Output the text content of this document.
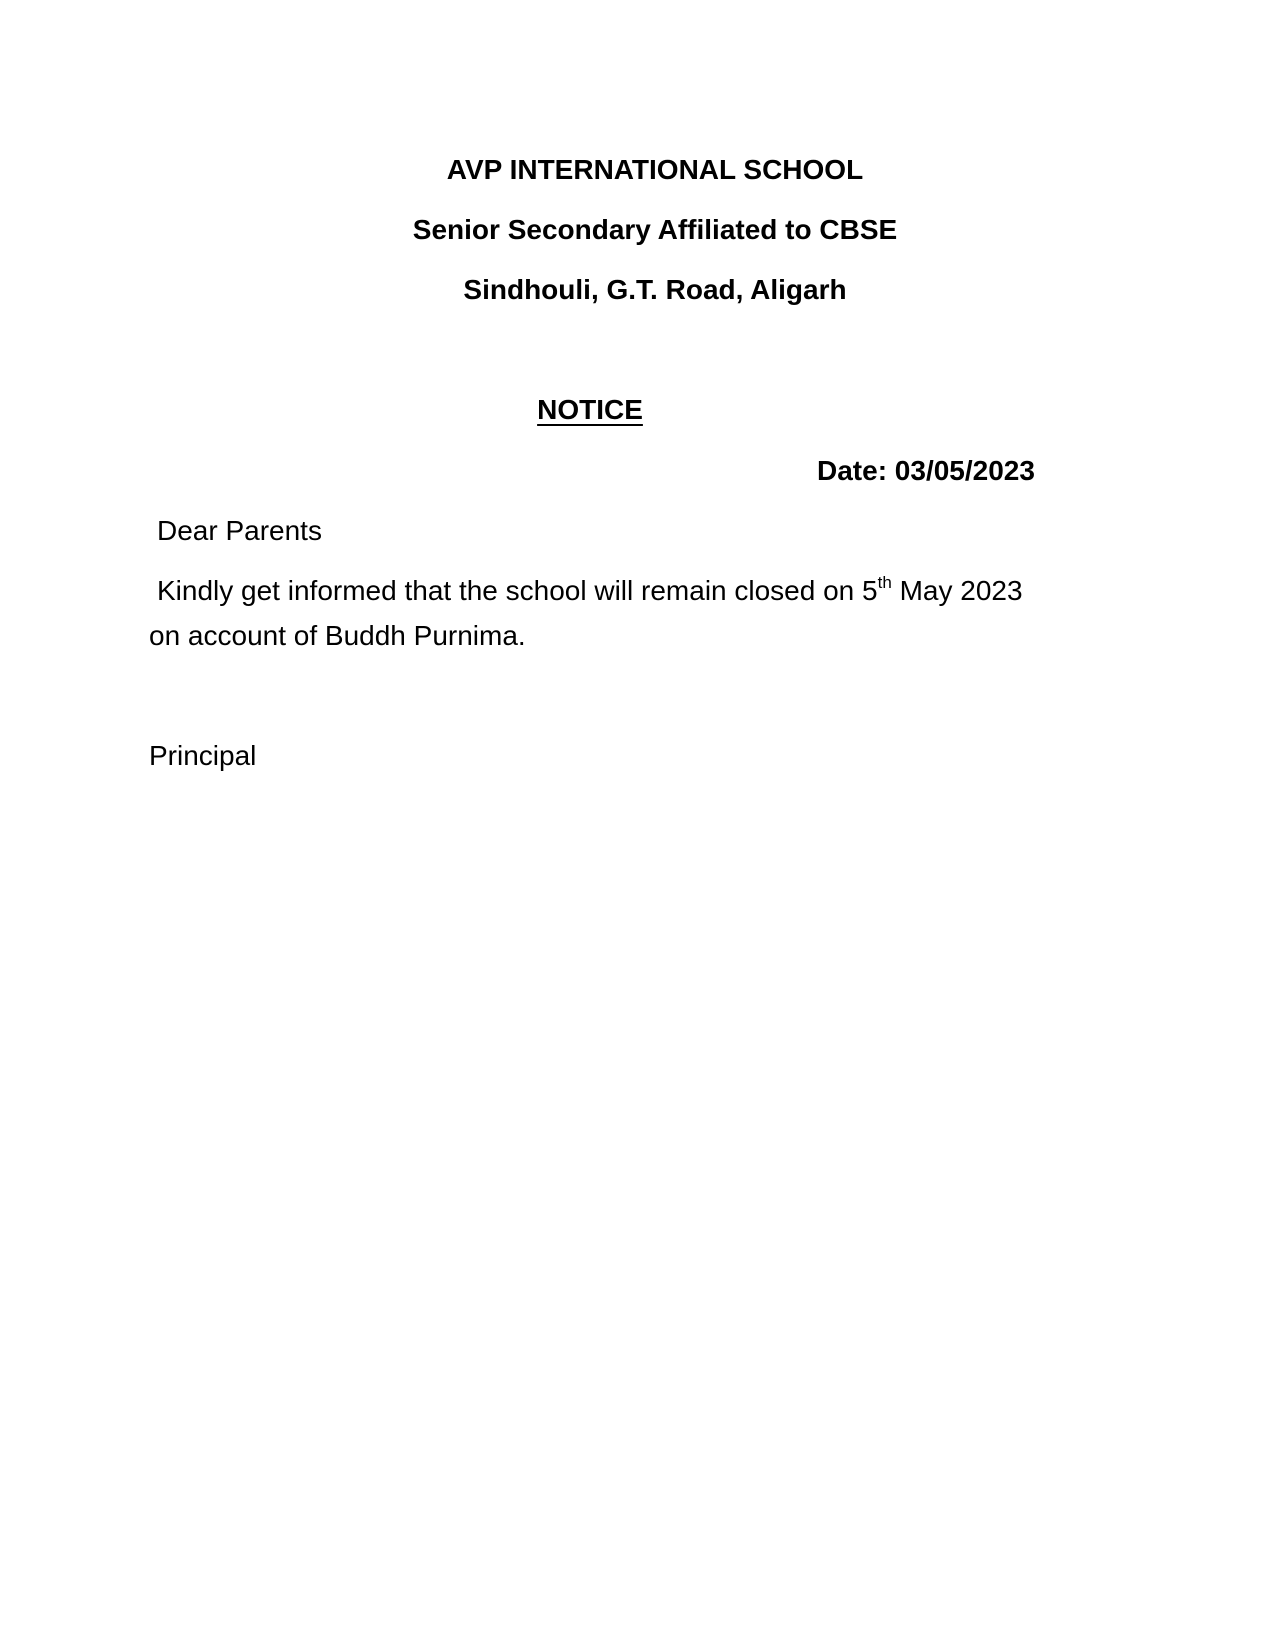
AVP INTERNATIONAL SCHOOL
Senior Secondary Affiliated to CBSE
Sindhouli, G.T. Road, Aligarh
NOTICE
Date: 03/05/2023
Dear Parents
Kindly get informed that the school will remain closed on 5th May 2023
on account of Buddh Purnima.
Principal
